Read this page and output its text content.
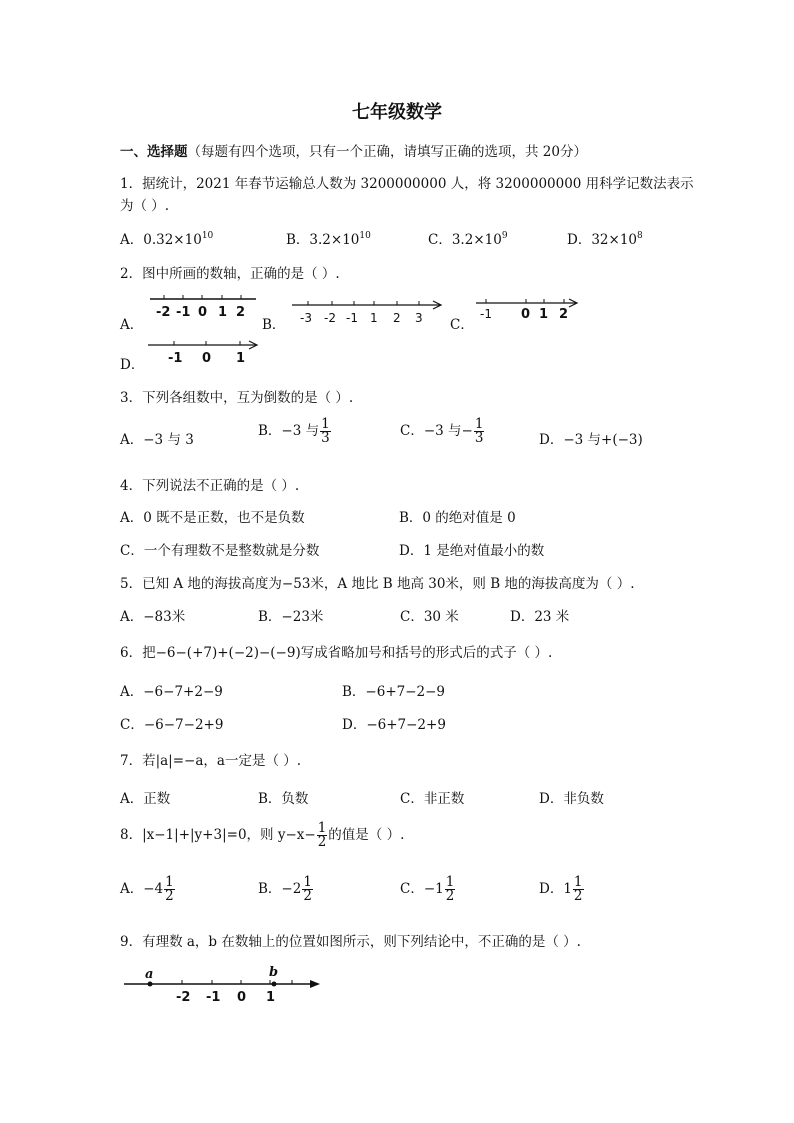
七年级数学
一、选择题（每题有四个选项，只有一个正确，请填写正确的选项，共 20分）
1．据统计，2021 年春节运输总人数为 3200000000 人，将 3200000000 用科学记数法表示
为（ ）.
A．$0.32\times 10^{10}$	B．$3.2\times 10^{10}$	C．$3.2\times 10^9$	D．$32\times 10^8$
2．图中所画的数轴，正确的是（ ）.
A．	B．	C．
D．
-2 -1 0 1 2	-3 -2 -1 1 2 3	-1 0 1 2
-1 0 1
3．下列各组数中，互为倒数的是（ ）.
A．−3 与 3
B．−3 与 $\frac{1}{3}$	C．−3 与− $\frac{1}{3}$	D．−3 与+(−3)
4．下列说法不正确的是（ ）.
A．0 既不是正数，也不是负数	B．0 的绝对值是 0
C．一个有理数不是整数就是分数	D．1 是绝对值最小的数
5．已知 A 地的海拔高度为−53米，A 地比 B 地高 30米，则 B 地的海拔高度为（ ）.
A．−83米	B．−23米	C．30 米	D．23 米
6．把−6−(+7)+(−2)−(−9)写成省略加号和括号的形式后的式子（ ）.
A．−6−7+2−9	B．−6+7−2−9
C．−6−7−2+9	D．−6+7−2+9
7．若|a|=−a，a一定是（ ）.
A．正数	B．负数	C．非正数	D．非负数
8．|x−1|+|y+3|=0，则 $y-x- \frac{1}{2}$ 的值是（ ）.
A．$-4 \frac{1}{2}$	B．$-2 \frac{1}{2}$	C．$-1 \frac{1}{2}$	D．$1 \frac{1}{2}$
9．有理数 a，b 在数轴上的位置如图所示，则下列结论中，不正确的是（ ）.
a	b
-2 -1 0 1
